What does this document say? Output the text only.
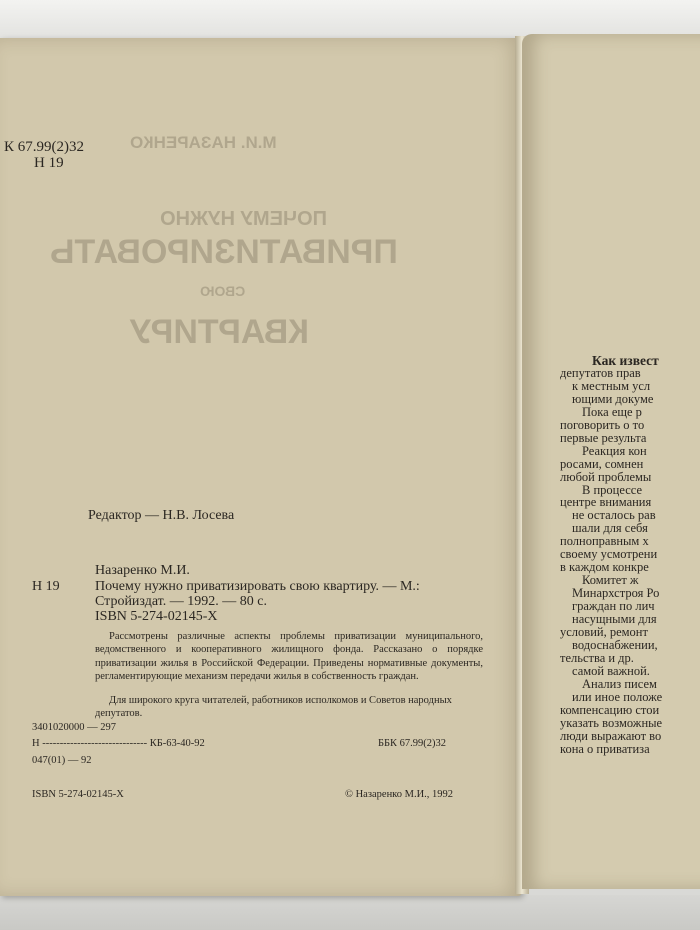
М.И. НАЗАРЕНКО
ПОЧЕМУ НУЖНО
ПРИВАТИЗИРОВАТЬ
СВОЮ
КВАРТИРУ
К 67.99(2)32
Н 19
Редактор — Н.В. Лосева
Назаренко М.И.
Н 19	Почему нужно приватизировать свою квартиру. — М.:
Стройиздат. — 1992. — 80 с.
ISBN 5-274-02145-X
Рассмотрены различные аспекты проблемы приватизации муниципального, ведомственного и кооперативного жилищного фонда. Рассказано о порядке приватизации жилья в Российской Федерации. Приведены нормативные документы, регламентирующие механизм передачи жилья в собственность граждан.
Для широкого круга читателей, работников исполкомов и Советов народных депутатов.
3401020000 — 297
Н ------------------------------ КБ-63-40-92
047(01) — 92
ББК 67.99(2)32
ISBN 5-274-02145-X	© Назаренко М.И., 1992
Как извест
депутатов прав
к местным усл
ющими докуме
Пока еще р
поговорить о то
первые результа
Реакция кон
росами, сомнен
любой проблемы
В процессе
центре внимания
не осталось рав
шали для себя
полноправным х
своему усмотрени
в каждом конкре
Комитет ж
Минархстроя Ро
граждан по лич
насущными для
условий, ремонт
водоснабжении,
тельства и др.
самой важной.
Анализ писем
или иное положе
компенсацию стои
указать возможные
люди выражают во
кона о приватиза
